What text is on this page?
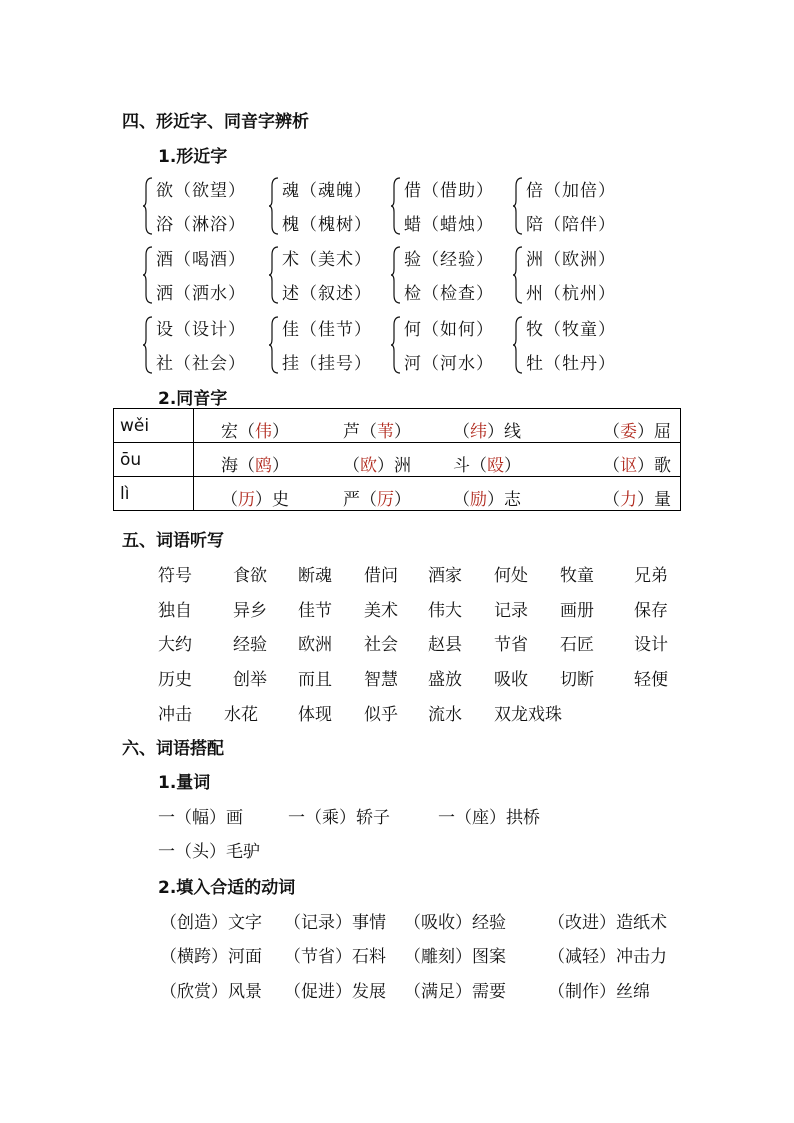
四、形近字、同音字辨析
1.形近字
欲（欲望）
浴（淋浴）
魂（魂魄）
槐（槐树）
借（借助）
蜡（蜡烛）
倍（加倍）
陪（陪伴）
酒（喝酒）
洒（洒水）
术（美术）
述（叙述）
验（经验）
检（检查）
洲（欧洲）
州（杭州）
设（设计）
社（社会）
佳（佳节）
挂（挂号）
何（如何）
河（河水）
牧（牧童）
牡（牡丹）
2.同音字
wěi	宏（伟） 芦（苇） （纬）线 （委）屈

ōu	海（鸥） （欧）洲 斗（殴） （讴）歌

lì	（历）史 严（厉） （励）志 （力）量
五、词语听写
符号 食欲 断魂 借问 酒家 何处 牧童 兄弟
独自 异乡 佳节 美术 伟大 记录 画册 保存
大约 经验 欧洲 社会 赵县 节省 石匠 设计
历史 创举 而且 智慧 盛放 吸收 切断 轻便
冲击 水花 体现 似乎 流水 双龙戏珠
六、词语搭配
1.量词
一（幅）画	一（乘）轿子	一（座）拱桥
一（头）毛驴
2.填入合适的动词
（创造）文字 （记录）事情 （吸收）经验 （改进）造纸术
（横跨）河面 （节省）石料 （雕刻）图案 （减轻）冲击力
（欣赏）风景 （促进）发展 （满足）需要 （制作）丝绵
